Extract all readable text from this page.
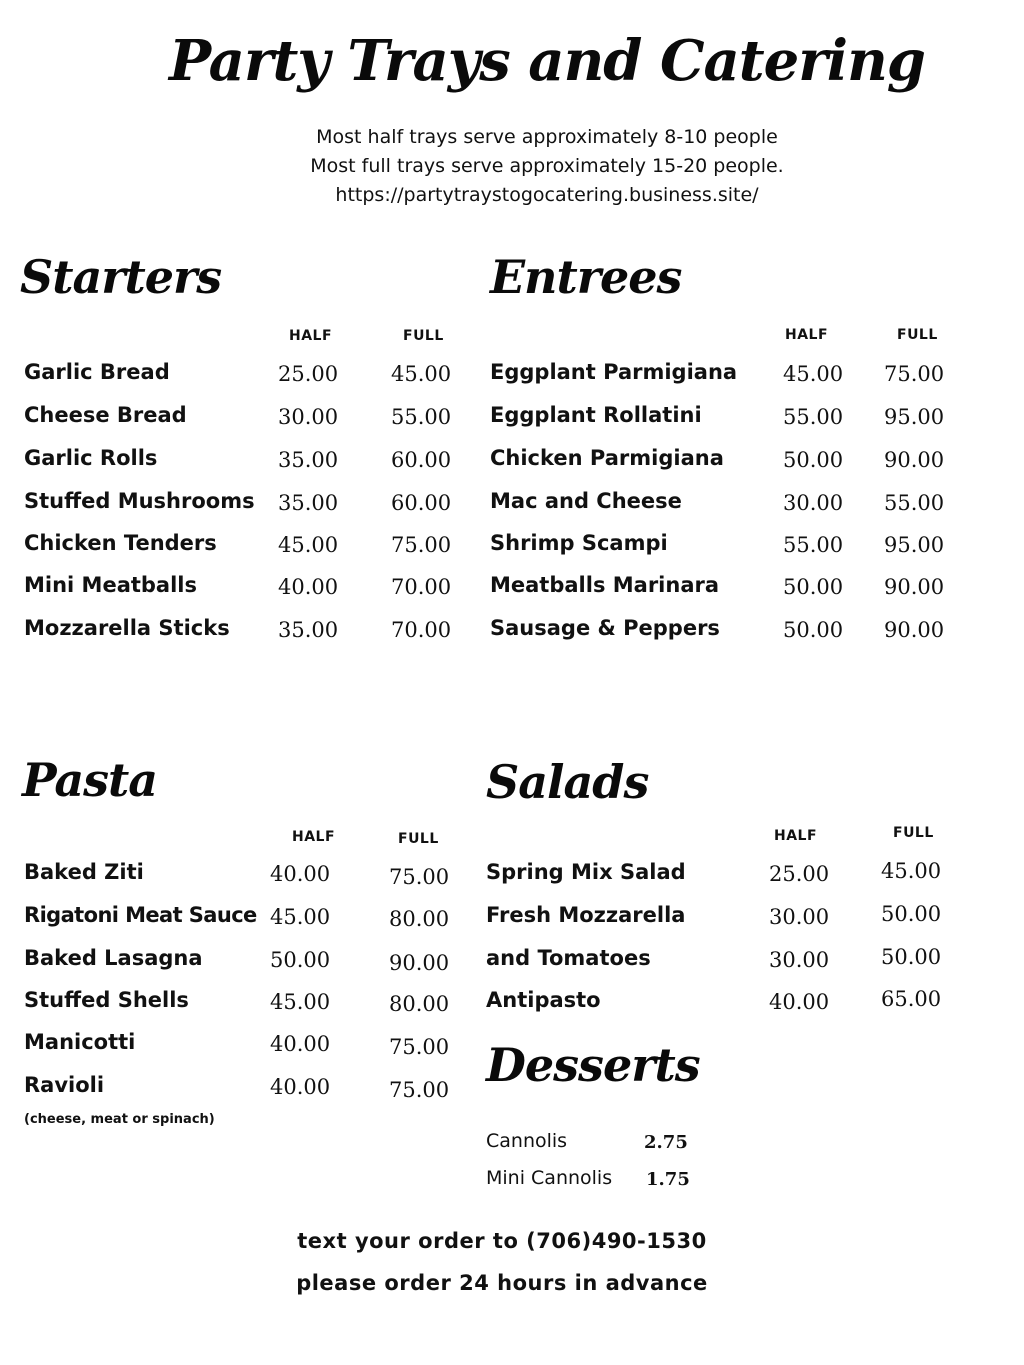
Party Trays and Catering
Most half trays serve approximately 8-10 people
Most full trays serve approximately 15-20 people.
https://partytraystogocatering.business.site/
Starters
HALF	FULL
Garlic Bread	25.00	45.00
Cheese Bread	30.00	55.00
Garlic Rolls	35.00	60.00
Stuffed Mushrooms 35.00	60.00
Chicken Tenders	45.00	75.00
Mini Meatballs	40.00	70.00
Mozzarella Sticks 35.00	70.00
Entrees
HALF	FULL
Eggplant Parmigiana 45.00 75.00
Eggplant Rollatini	55.00 95.00
Chicken Parmigiana	50.00 90.00
Mac and Cheese	30.00 55.00
Shrimp Scampi	55.00 95.00
Meatballs Marinara	50.00 90.00
Sausage & Peppers	50.00 90.00
Pasta
HALF	FULL
Baked Ziti	40.00	75.00
Rigatoni Meat Sauce 45.00	80.00
Baked Lasagna	50.00	90.00
Stuffed Shells	45.00	80.00
Manicotti	40.00	75.00
Ravioli	40.00	75.00
(cheese, meat or spinach)
Salads
HALF	FULL
Spring Mix Salad	25.00 45.00
Fresh Mozzarella	30.00 50.00
and Tomatoes	30.00 50.00
Antipasto	40.00 65.00
Desserts
Cannolis	2.75
Mini Cannolis 1.75
text your order to (706)490-1530
please order 24 hours in advance
